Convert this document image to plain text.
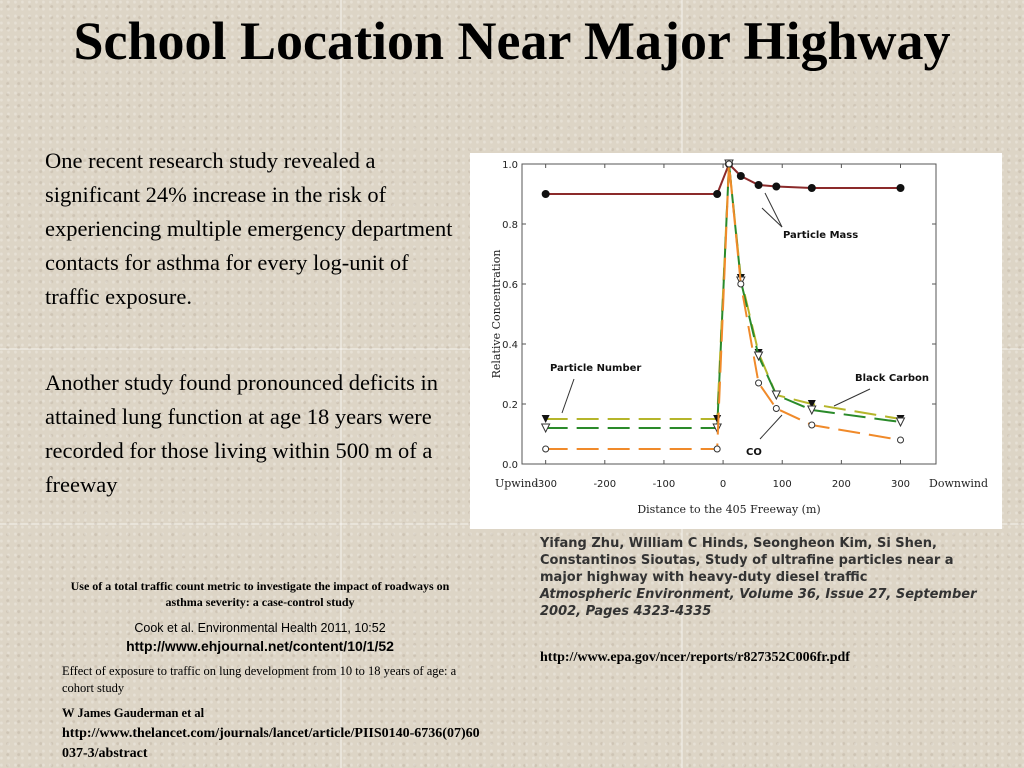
School Location Near Major Highway

One recent research study revealed a significant 24% increase in the risk of experiencing multiple emergency department contacts for asthma for every log-unit of traffic exposure.

Another study found pronounced deficits in attained lung function at age 18 years were recorded for those living within 500 m of a freeway	-300	-200	-100	0	100	200	300
0.0
0.2
0.4
0.6
0.8
1.0
Particle Mass
Particle Number
Black Carbon
CO
Upwind	Downwind
Distance to the 405 Freeway (m)
Relative Concentration

Yifang Zhu, William C Hinds, Seongheon Kim, Si Shen, Constantinos Sioutas, Study of ultrafine particles near a major highway with heavy-duty diesel traffic
Atmospheric Environment, Volume 36, Issue 27, September 2002, Pages 4323-4335

http://www.epa.gov/ncer/reports/r827352C006fr.pdf
Use of a total traffic count metric to investigate the impact of roadways on asthma severity: a case-control study
Cook et al. Environmental Health 2011, 10:52
http://www.ehjournal.net/content/10/1/52
Effect of exposure to traffic on lung development from 10 to 18 years of age: a cohort study
W James Gauderman et al
http://www.thelancet.com/journals/lancet/article/PIIS0140-6736(07)60037-3/abstract
